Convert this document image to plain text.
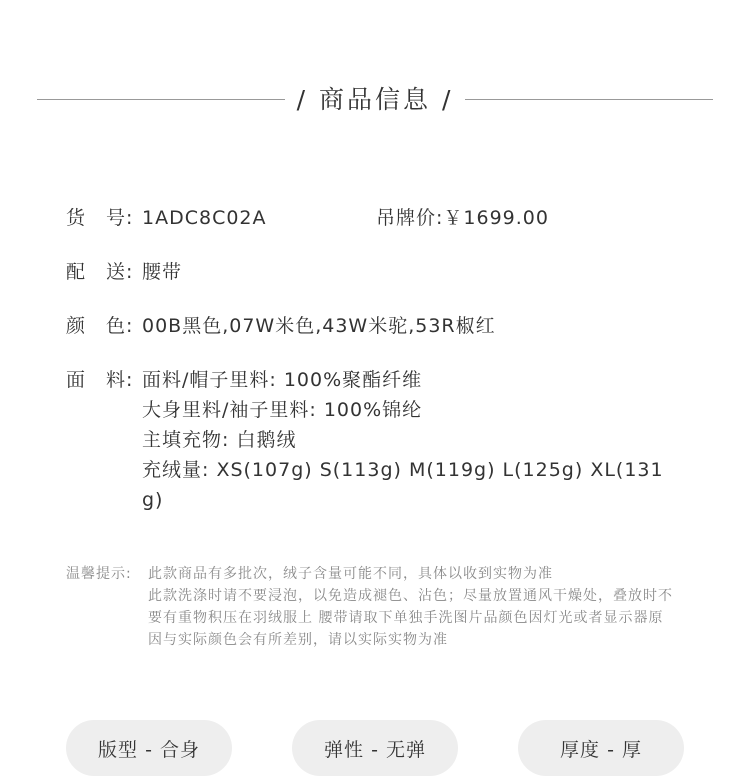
/ 商品信息 /
货　号: 1ADC8C02A	吊牌价:￥1699.00
配　送: 腰带
颜　色: 00B黑色,07W米色,43W米驼,53R椒红
面　料: 面料/帽子里料: 100%聚酯纤维
大身里料/袖子里料: 100%锦纶
主填充物: 白鹅绒
充绒量: XS(107g) S(113g) M(119g) L(125g) XL(131g)
温馨提示: 此款商品有多批次，绒子含量可能不同，具体以收到实物为准
此款洗涤时请不要浸泡，以免造成褪色、沾色；尽量放置通风干燥处，叠放时不要有重物积压在羽绒服上 腰带请取下单独手洗图片品颜色因灯光或者显示器原因与实际颜色会有所差别，请以实际实物为准
版型 - 合身	弹性 - 无弹	厚度 - 厚
